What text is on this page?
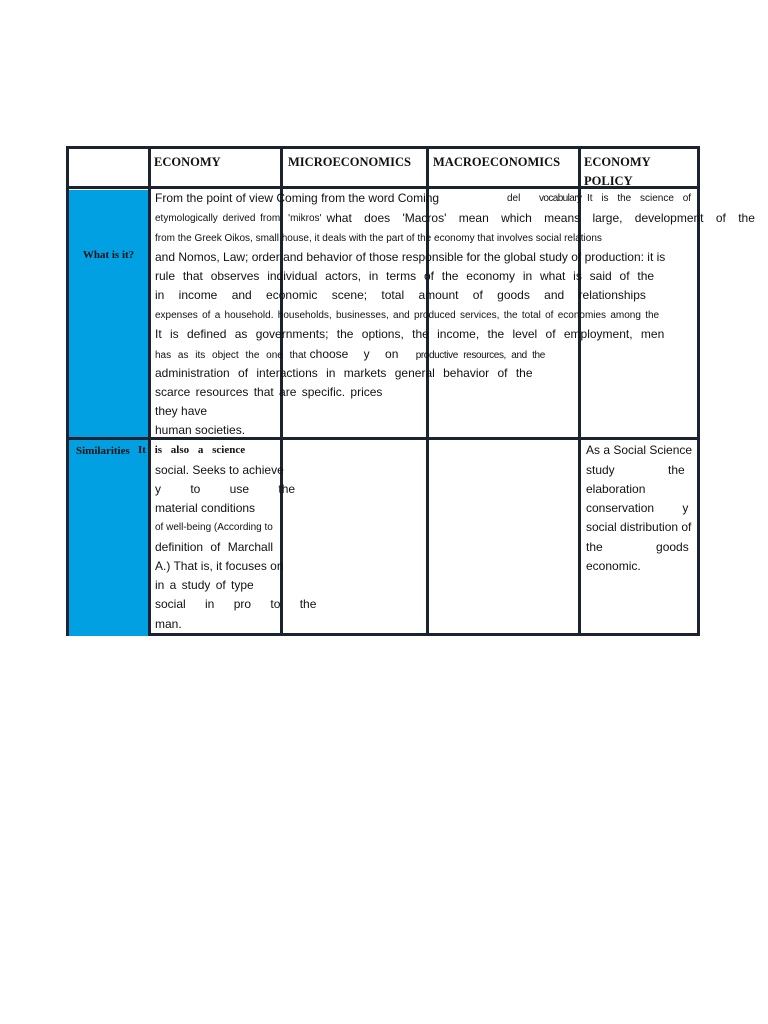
ECONOMY	MICROECONOMICS MACROECONOMICS ECONOMY
POLICY
What is it?
Similarities
From the point of view Coming from the word Coming	del vocabulary It is the science of
etymologically derived from 'mikros' what does 'Macros' mean which means large, development of the
from the Greek Oikos, small house, it deals with the part of the economy that involves social relations
and Nomos, Law; order and behavior of those responsible for the global study of production: it is
rule that observes individual actors, in terms of the economy in what is said of the
in income and economic scene; total amount of goods and relationships
expenses of a household. households, businesses, and produced services, the total of economies among the
It is defined as governments; the options, the income, the level of employment, men
has as its object the one that choose y on productive resources, and the
administration of interactions in markets general behavior of the
scarce resources that are specific. prices
they have
human societies.
It is also a science
social. Seeks to achieve
y to use the
material conditions
of well-being (According to
definition of Marchall
A.) That is, it focuses on
in a study of type
social in pro to the
man.
As a Social Science
study the
elaboration
conservation y
social distribution of
the goods
economic.
